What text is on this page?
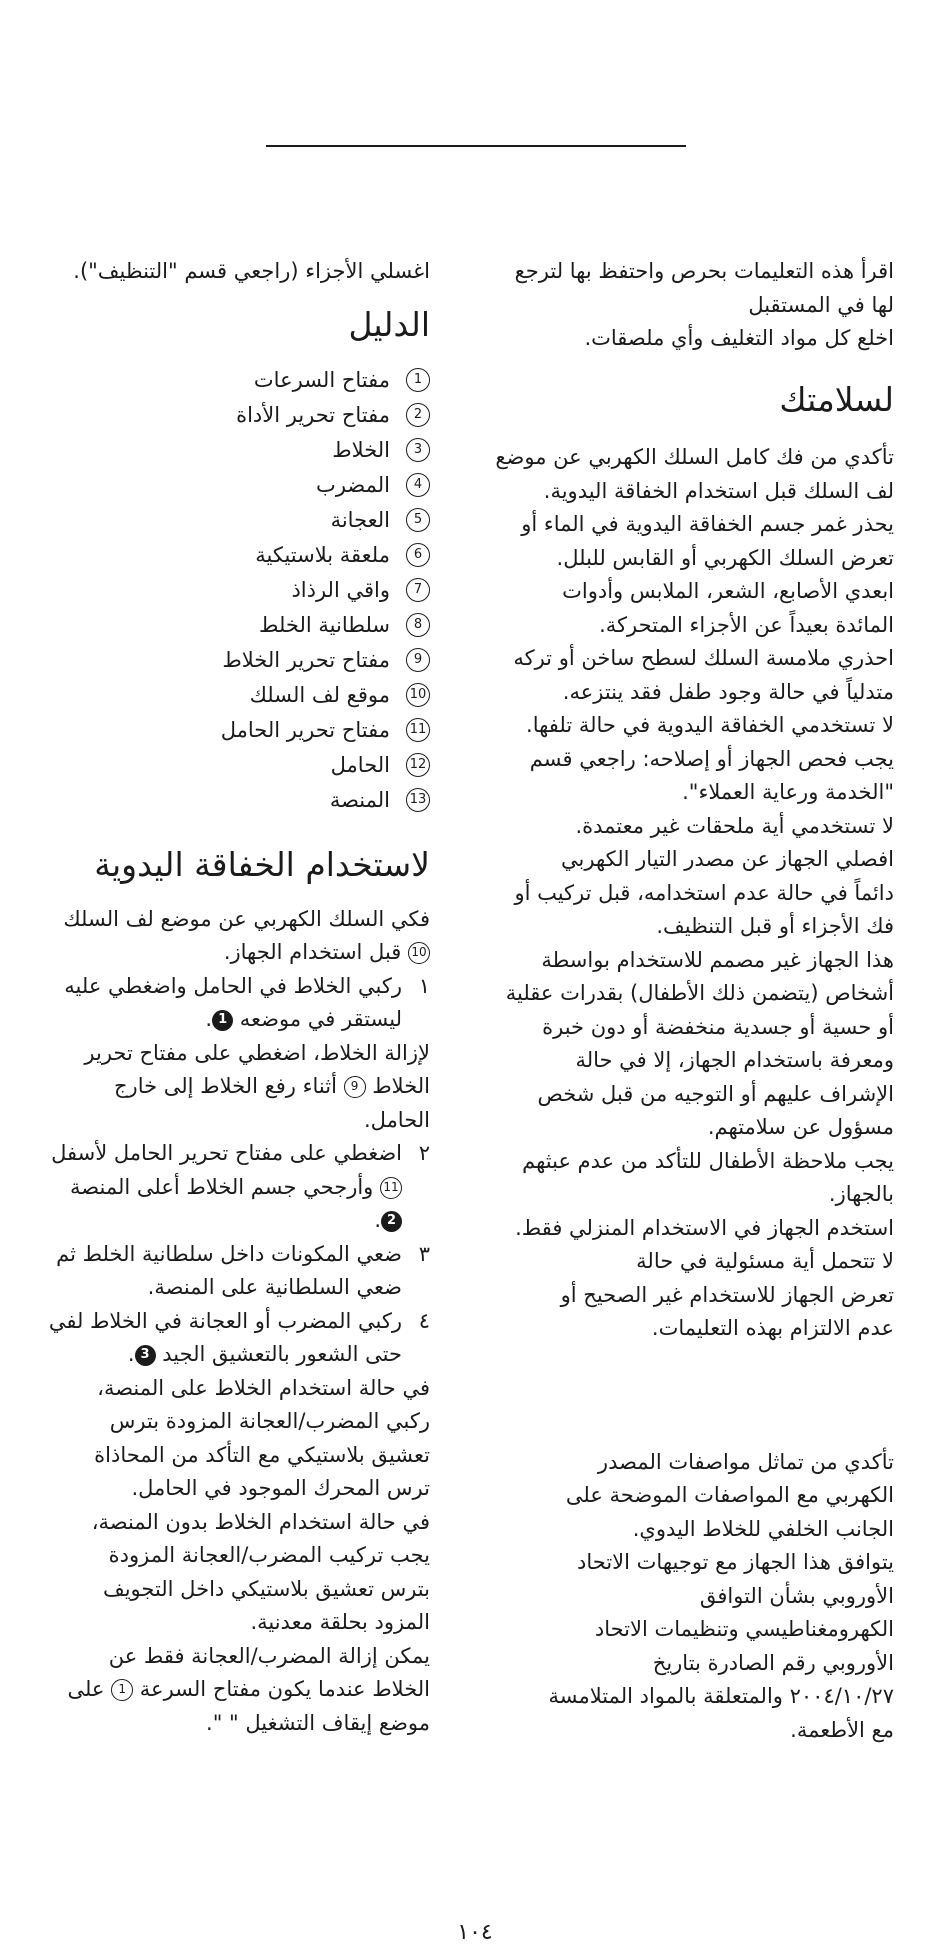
اقرأ هذه التعليمات بحرص واحتفظ بها لترجع

لها في المستقبل

اخلع كل مواد التغليف وأي ملصقات.

لسلامتك

تأكدي من فك كامل السلك الكهربي عن موضع

لف السلك قبل استخدام الخفاقة اليدوية.

يحذر غمر جسم الخفاقة اليدوية في الماء أو

تعرض السلك الكهربي أو القابس للبلل.

ابعدي الأصابع، الشعر، الملابس وأدوات

المائدة بعيداً عن الأجزاء المتحركة.

احذري ملامسة السلك لسطح ساخن أو تركه

متدلياً في حالة وجود طفل فقد ينتزعه.

لا تستخدمي الخفاقة اليدوية في حالة تلفها.

يجب فحص الجهاز أو إصلاحه: راجعي قسم

"الخدمة ورعاية العملاء".

لا تستخدمي أية ملحقات غير معتمدة.

افصلي الجهاز عن مصدر التيار الكهربي

دائماً في حالة عدم استخدامه، قبل تركيب أو

فك الأجزاء أو قبل التنظيف.

هذا الجهاز غير مصمم للاستخدام بواسطة

أشخاص (يتضمن ذلك الأطفال) بقدرات عقلية

أو حسية أو جسدية منخفضة أو دون خبرة

ومعرفة باستخدام الجهاز، إلا في حالة

الإشراف عليهم أو التوجيه من قبل شخص

مسؤول عن سلامتهم.

يجب ملاحظة الأطفال للتأكد من عدم عبثهم

بالجهاز.

استخدم الجهاز في الاستخدام المنزلي فقط.

لا تتحمل أية مسئولية في حالة

تعرض الجهاز للاستخدام غير الصحيح أو

عدم الالتزام بهذه التعليمات.

تأكدي من تماثل مواصفات المصدر

الكهربي مع المواصفات الموضحة على

الجانب الخلفي للخلاط اليدوي.

يتوافق هذا الجهاز مع توجيهات الاتحاد

الأوروبي بشأن التوافق

الكهرومغناطيسي وتنظيمات الاتحاد

الأوروبي رقم الصادرة بتاريخ

٢٠٠٤/١٠/٢٧ والمتعلقة بالمواد المتلامسة

مع الأطعمة.

اغسلي الأجزاء (راجعي قسم "التنظيف").

الدليل
1
مفتاح السرعات
2
مفتاح تحرير الأداة
3
الخلاط
4
المضرب
5
العجانة
6
ملعقة بلاستيكية
7
واقي الرذاذ
8
سلطانية الخلط
9
مفتاح تحرير الخلاط
10
موقع لف السلك
11
مفتاح تحرير الحامل
12
الحامل
13
المنصة
لاستخدام الخفاقة اليدوية

فكي السلك الكهربي عن موضع لف السلك

10 قبل استخدام الجهاز.

١

ركبي الخلاط في الحامل واضغطي عليه

ليستقر في موضعه 1.

لإزالة الخلاط، اضغطي على مفتاح تحرير

الخلاط 9 أثناء رفع الخلاط إلى خارج

الحامل.

٢

اضغطي على مفتاح تحرير الحامل لأسفل

11 وأرجحي جسم الخلاط أعلى المنصة

2.

٣

ضعي المكونات داخل سلطانية الخلط ثم

ضعي السلطانية على المنصة.

٤

ركبي المضرب أو العجانة في الخلاط لفي

حتى الشعور بالتعشيق الجيد 3.

في حالة استخدام الخلاط على المنصة،

ركبي المضرب/العجانة المزودة بترس

تعشيق بلاستيكي مع التأكد من المحاذاة

ترس المحرك الموجود في الحامل.

في حالة استخدام الخلاط بدون المنصة،

يجب تركيب المضرب/العجانة المزودة

بترس تعشيق بلاستيكي داخل التجويف

المزود بحلقة معدنية.

يمكن إزالة المضرب/العجانة فقط عن

الخلاط عندما يكون مفتاح السرعة 1 على

موضع إيقاف التشغيل " ".

١٠٤
